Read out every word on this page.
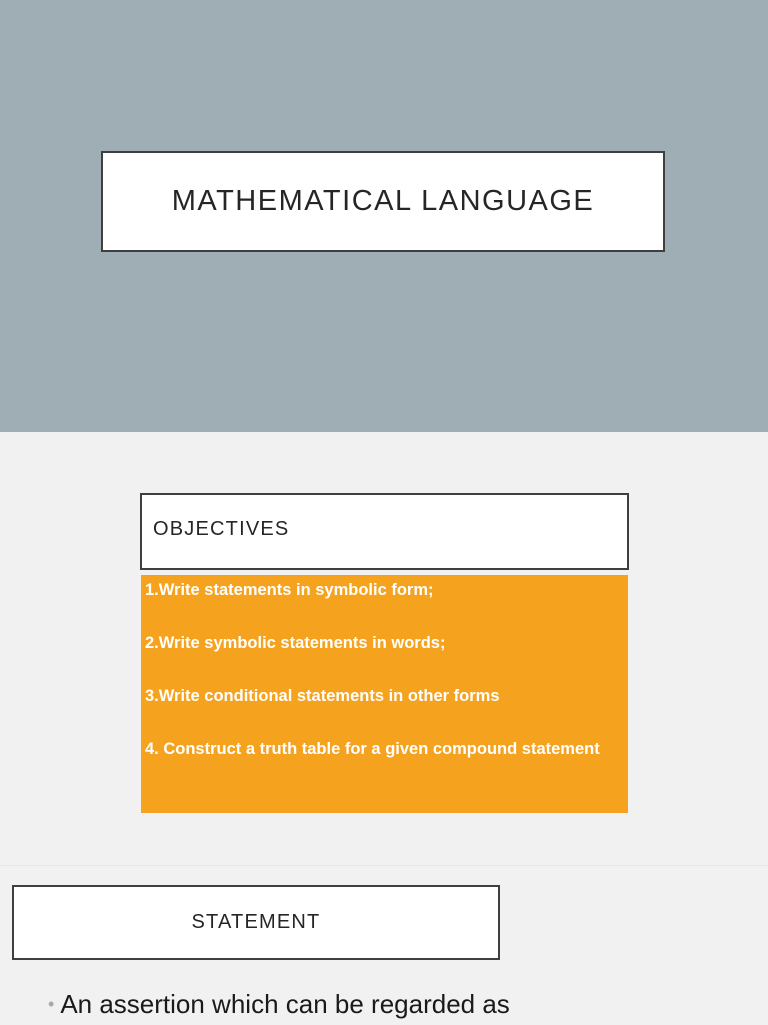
MATHEMATICAL LANGUAGE
OBJECTIVES
1.Write statements in symbolic form;
2.Write symbolic statements in words;
3.Write conditional statements in other forms
4. Construct a truth table for a given compound statement
STATEMENT
• An assertion which can be regarded as
